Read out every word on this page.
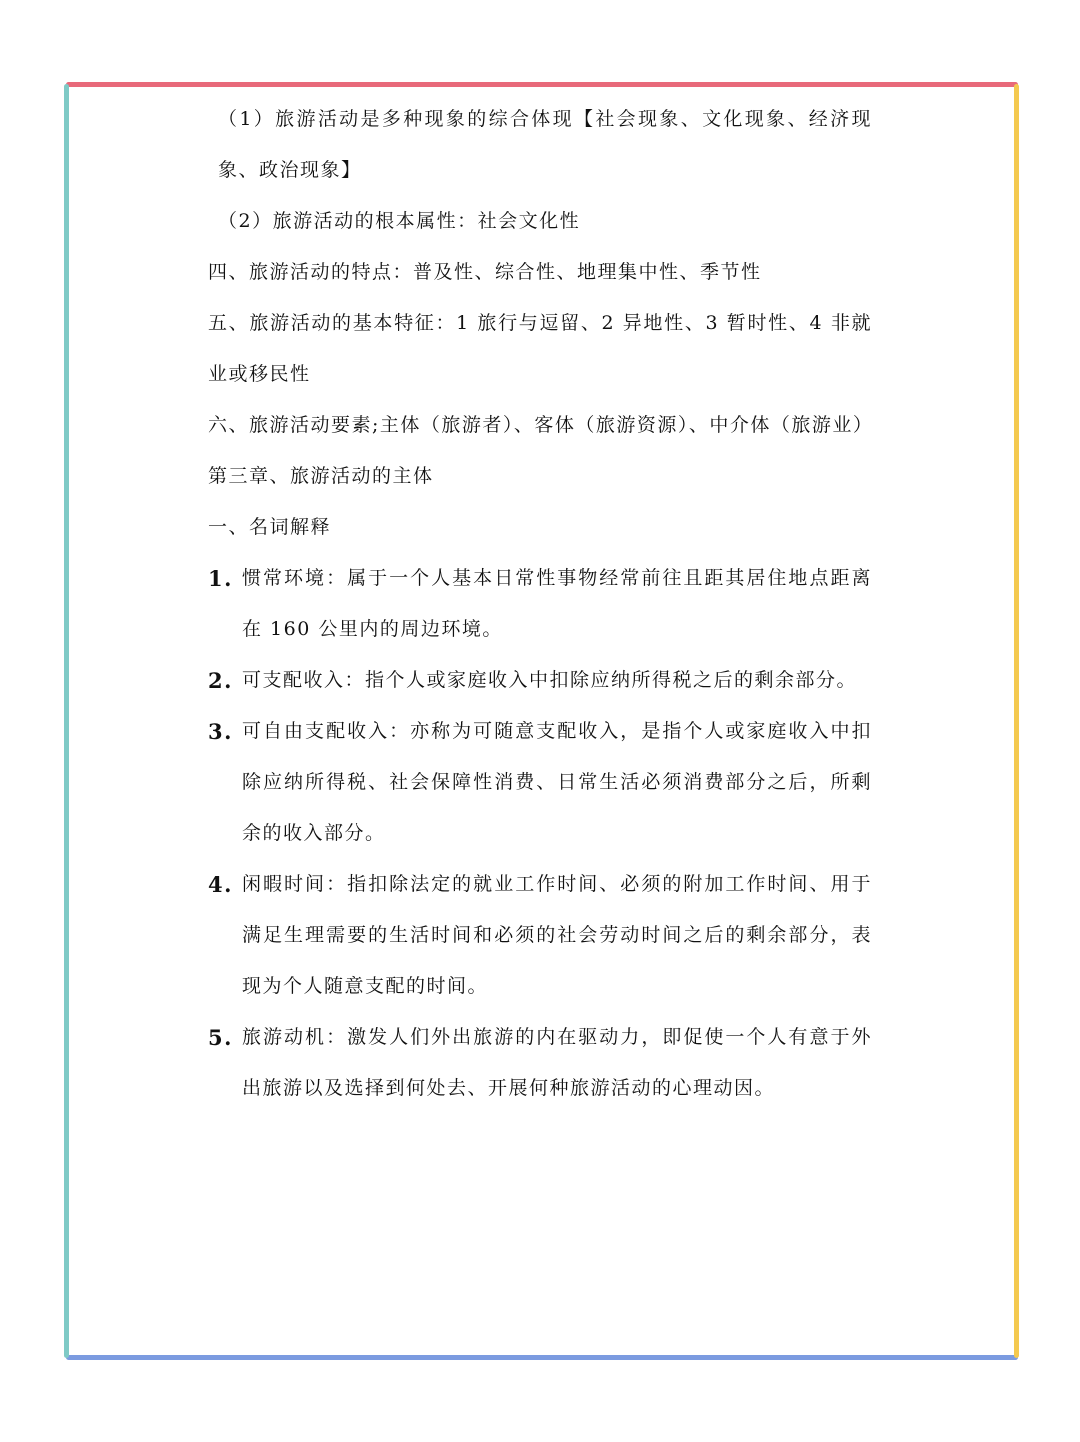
（1）旅游活动是多种现象的综合体现【社会现象、文化现象、经济现象、政治现象】

（2）旅游活动的根本属性：社会文化性

四、旅游活动的特点：普及性、综合性、地理集中性、季节性

五、旅游活动的基本特征：1 旅行与逗留、2 异地性、3 暂时性、4 非就业或移民性

六、旅游活动要素;主体（旅游者）、客体（旅游资源）、中介体（旅游业）

第三章、旅游活动的主体

一、名词解释

1. 惯常环境：属于一个人基本日常性事物经常前往且距其居住地点距离在 160 公里内的周边环境。
2. 可支配收入：指个人或家庭收入中扣除应纳所得税之后的剩余部分。
3. 可自由支配收入：亦称为可随意支配收入，是指个人或家庭收入中扣除应纳所得税、社会保障性消费、日常生活必须消费部分之后，所剩余的收入部分。
4. 闲暇时间：指扣除法定的就业工作时间、必须的附加工作时间、用于满足生理需要的生活时间和必须的社会劳动时间之后的剩余部分，表现为个人随意支配的时间。
5. 旅游动机：激发人们外出旅游的内在驱动力，即促使一个人有意于外出旅游以及选择到何处去、开展何种旅游活动的心理动因。
